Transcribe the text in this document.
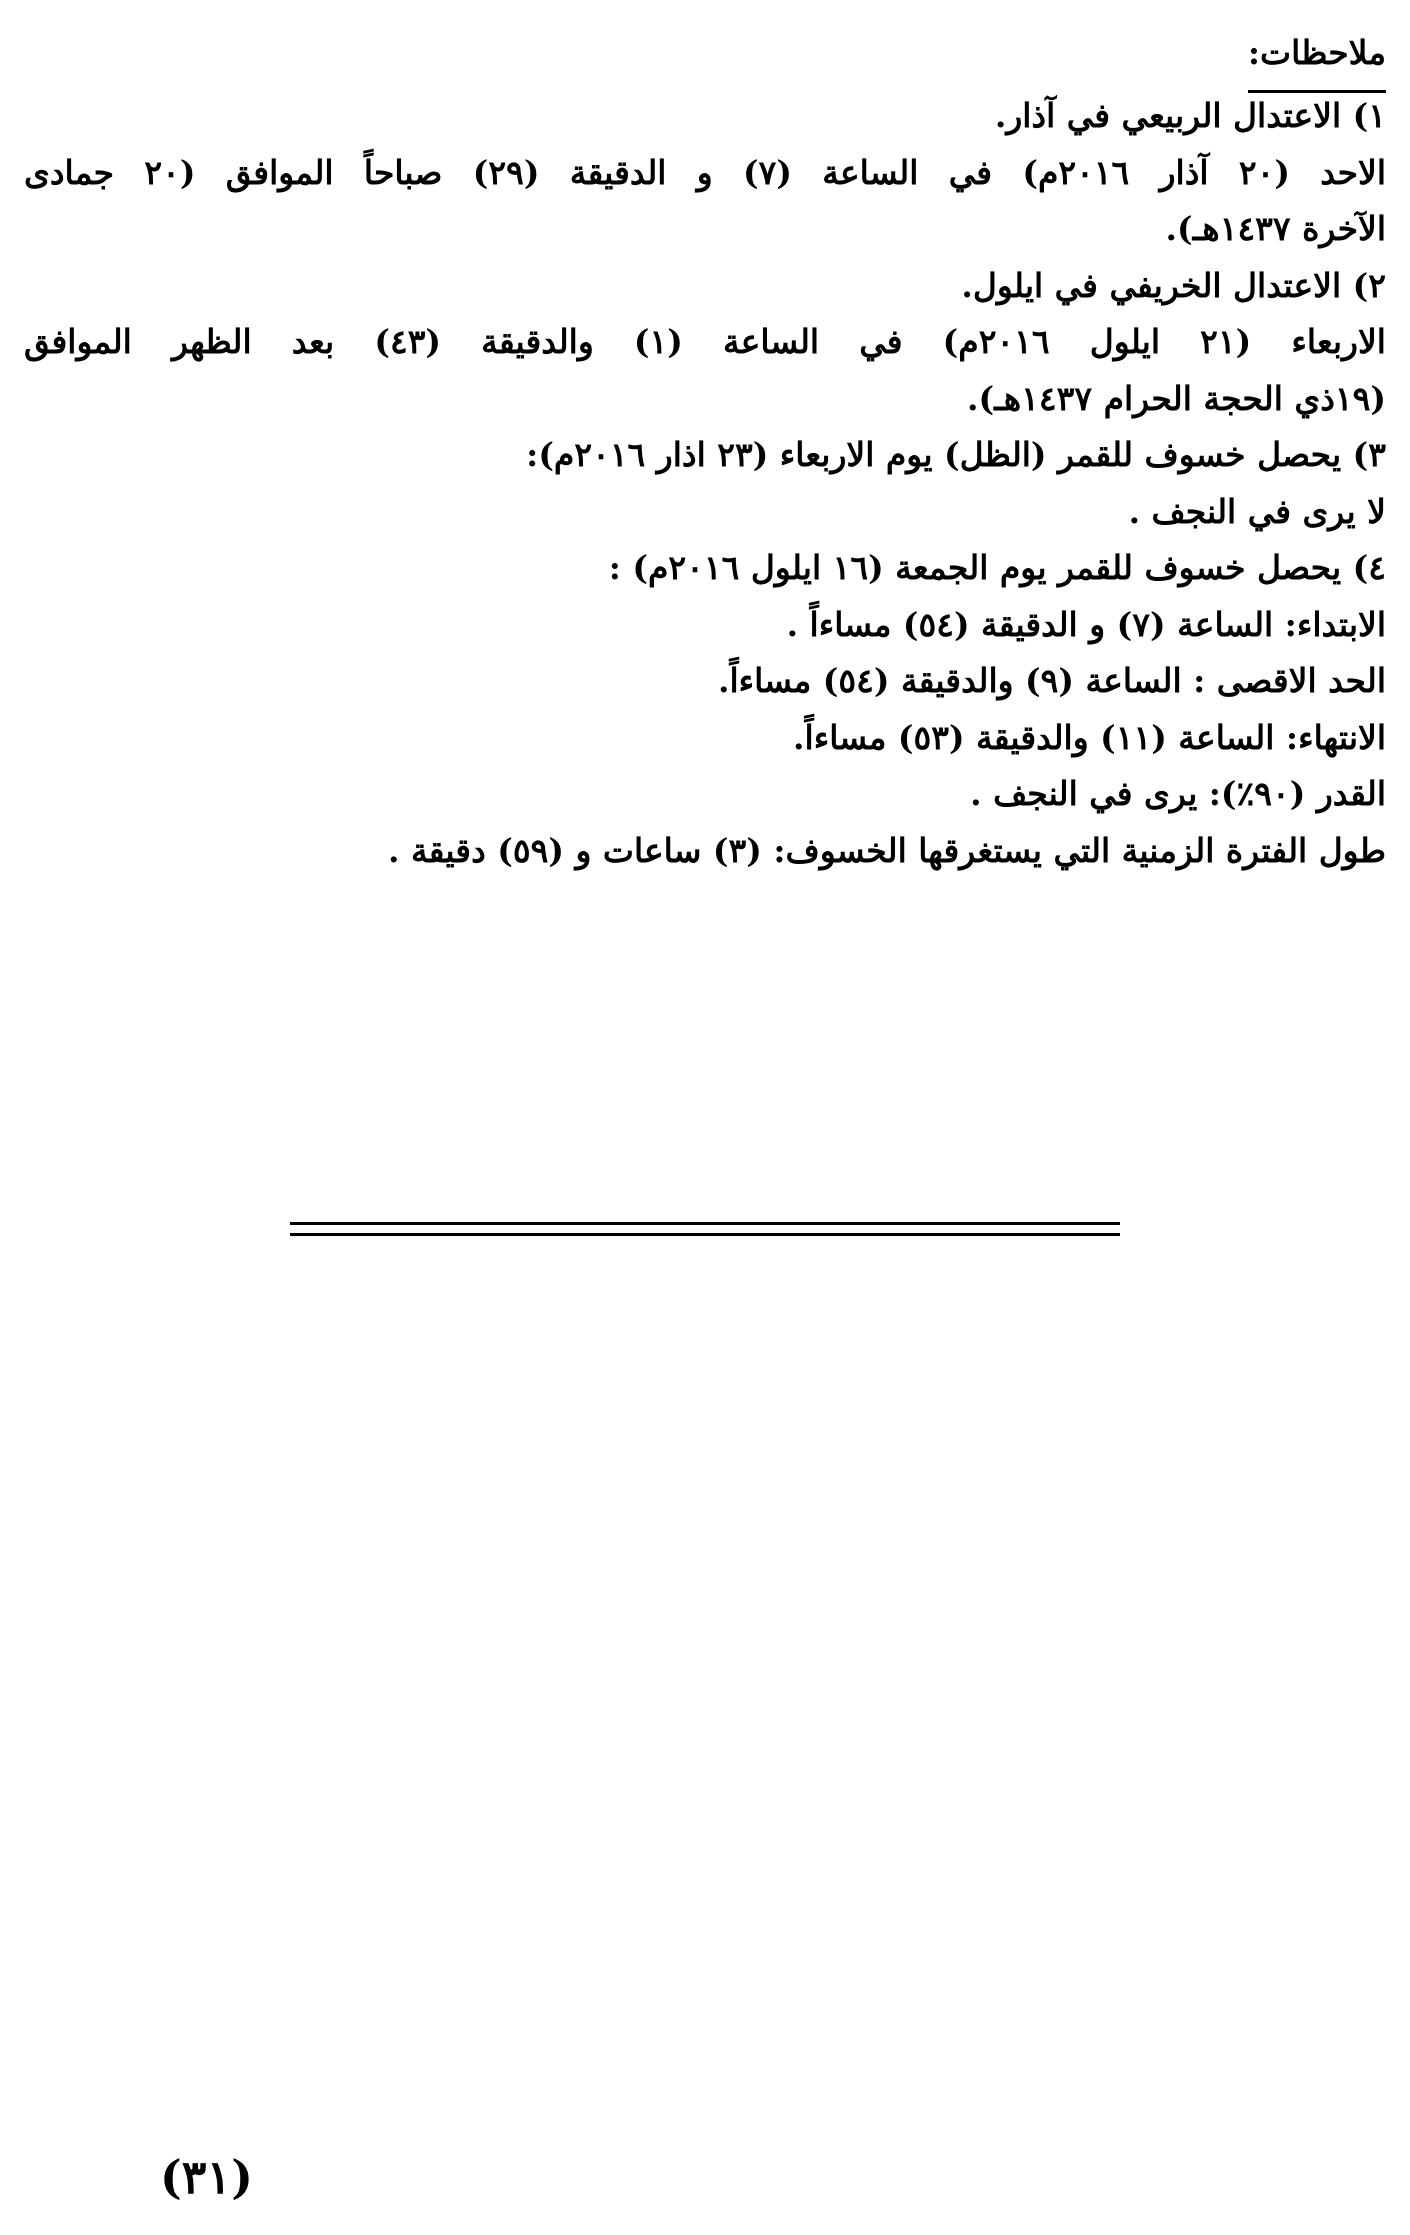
ملاحظات:
١) الاعتدال الربيعي في آذار.
الاحد (٢٠ آذار ٢٠١٦م) في الساعة (٧) و الدقيقة (٢٩) صباحاً الموافق (٢٠ جمادى
الآخرة ١٤٣٧هـ).
٢) الاعتدال الخريفي في ايلول.
الاربعاء (٢١ ايلول ٢٠١٦م) في الساعة (١) والدقيقة (٤٣) بعد الظهر الموافق
(١٩ذي الحجة الحرام ١٤٣٧هـ).
٣) يحصل خسوف للقمر (الظل) يوم الاربعاء (٢٣ اذار ٢٠١٦م):
لا يرى في النجف .
٤) يحصل خسوف للقمر يوم الجمعة (١٦ ايلول ٢٠١٦م) :
الابتداء: الساعة (٧) و الدقيقة (٥٤) مساءاً .
الحد الاقصى : الساعة (٩) والدقيقة (٥٤) مساءاً.
الانتهاء: الساعة (١١) والدقيقة (٥٣) مساءاً.
القدر (٩٠٪): يرى في النجف .
طول الفترة الزمنية التي يستغرقها الخسوف: (٣) ساعات و (٥٩) دقيقة .
(٣١)
